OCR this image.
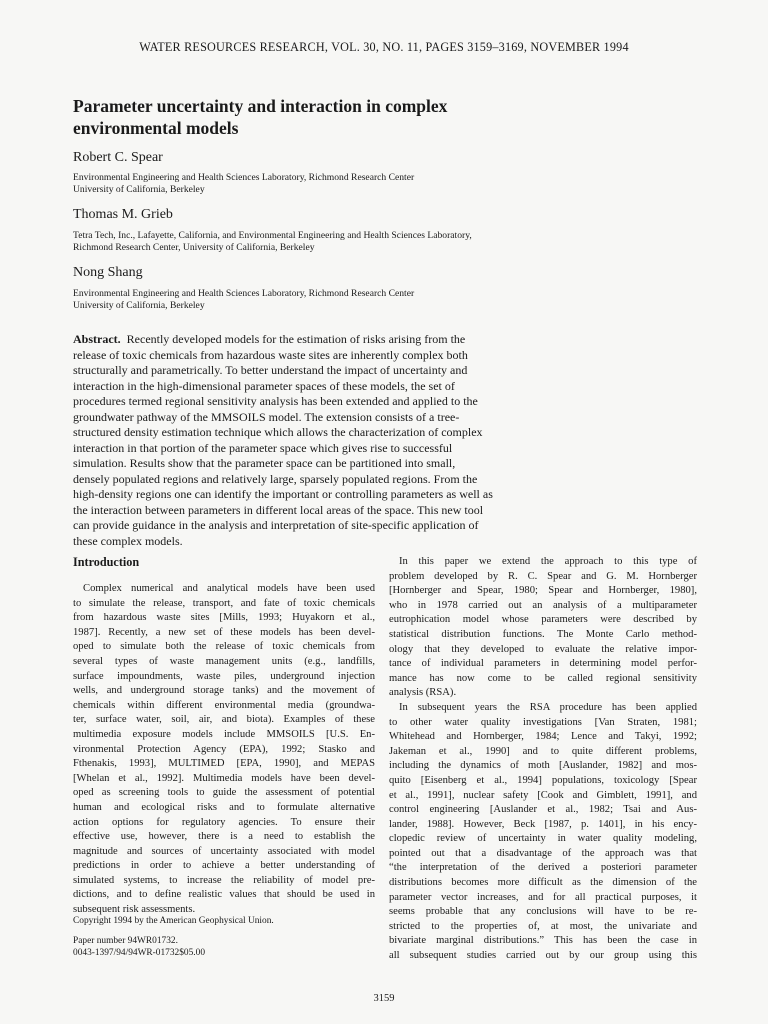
WATER RESOURCES RESEARCH, VOL. 30, NO. 11, PAGES 3159–3169, NOVEMBER 1994
Parameter uncertainty and interaction in complex
environmental models
Robert C. Spear
Environmental Engineering and Health Sciences Laboratory, Richmond Research Center
University of California, Berkeley
Thomas M. Grieb
Tetra Tech, Inc., Lafayette, California, and Environmental Engineering and Health Sciences Laboratory,
Richmond Research Center, University of California, Berkeley
Nong Shang
Environmental Engineering and Health Sciences Laboratory, Richmond Research Center
University of California, Berkeley
Abstract. Recently developed models for the estimation of risks arising from the
release of toxic chemicals from hazardous waste sites are inherently complex both
structurally and parametrically. To better understand the impact of uncertainty and
interaction in the high-dimensional parameter spaces of these models, the set of
procedures termed regional sensitivity analysis has been extended and applied to the
groundwater pathway of the MMSOILS model. The extension consists of a tree-
structured density estimation technique which allows the characterization of complex
interaction in that portion of the parameter space which gives rise to successful
simulation. Results show that the parameter space can be partitioned into small,
densely populated regions and relatively large, sparsely populated regions. From the
high-density regions one can identify the important or controlling parameters as well as
the interaction between parameters in different local areas of the space. This new tool
can provide guidance in the analysis and interpretation of site-specific application of
these complex models.
Introduction
Complex numerical and analytical models have been used
to simulate the release, transport, and fate of toxic chemicals
from hazardous waste sites [Mills, 1993; Huyakorn et al.,
1987]. Recently, a new set of these models has been devel-
oped to simulate both the release of toxic chemicals from
several types of waste management units (e.g., landfills,
surface impoundments, waste piles, underground injection
wells, and underground storage tanks) and the movement of
chemicals within different environmental media (groundwa-
ter, surface water, soil, air, and biota). Examples of these
multimedia exposure models include MMSOILS [U.S. En-
vironmental Protection Agency (EPA), 1992; Stasko and
Fthenakis, 1993], MULTIMED [EPA, 1990], and MEPAS
[Whelan et al., 1992]. Multimedia models have been devel-
oped as screening tools to guide the assessment of potential
human and ecological risks and to formulate alternative
action options for regulatory agencies. To ensure their
effective use, however, there is a need to establish the
magnitude and sources of uncertainty associated with model
predictions in order to achieve a better understanding of
simulated systems, to increase the reliability of model pre-
dictions, and to define realistic values that should be used in
subsequent risk assessments.
In this paper we extend the approach to this type of
problem developed by R. C. Spear and G. M. Hornberger
[Hornberger and Spear, 1980; Spear and Hornberger, 1980],
who in 1978 carried out an analysis of a multiparameter
eutrophication model whose parameters were described by
statistical distribution functions. The Monte Carlo method-
ology that they developed to evaluate the relative impor-
tance of individual parameters in determining model perfor-
mance has now come to be called regional sensitivity
analysis (RSA).
In subsequent years the RSA procedure has been applied
to other water quality investigations [Van Straten, 1981;
Whitehead and Hornberger, 1984; Lence and Takyi, 1992;
Jakeman et al., 1990] and to quite different problems,
including the dynamics of moth [Auslander, 1982] and mos-
quito [Eisenberg et al., 1994] populations, toxicology [Spear
et al., 1991], nuclear safety [Cook and Gimblett, 1991], and
control engineering [Auslander et al., 1982; Tsai and Aus-
lander, 1988]. However, Beck [1987, p. 1401], in his ency-
clopedic review of uncertainty in water quality modeling,
pointed out that a disadvantage of the approach was that
“the interpretation of the derived a posteriori parameter
distributions becomes more difficult as the dimension of the
parameter vector increases, and for all practical purposes, it
seems probable that any conclusions will have to be re-
stricted to the properties of, at most, the univariate and
bivariate marginal distributions.” This has been the case in
all subsequent studies carried out by our group using this
Copyright 1994 by the American Geophysical Union.
Paper number 94WR01732.
0043-1397/94/94WR-01732$05.00
3159
